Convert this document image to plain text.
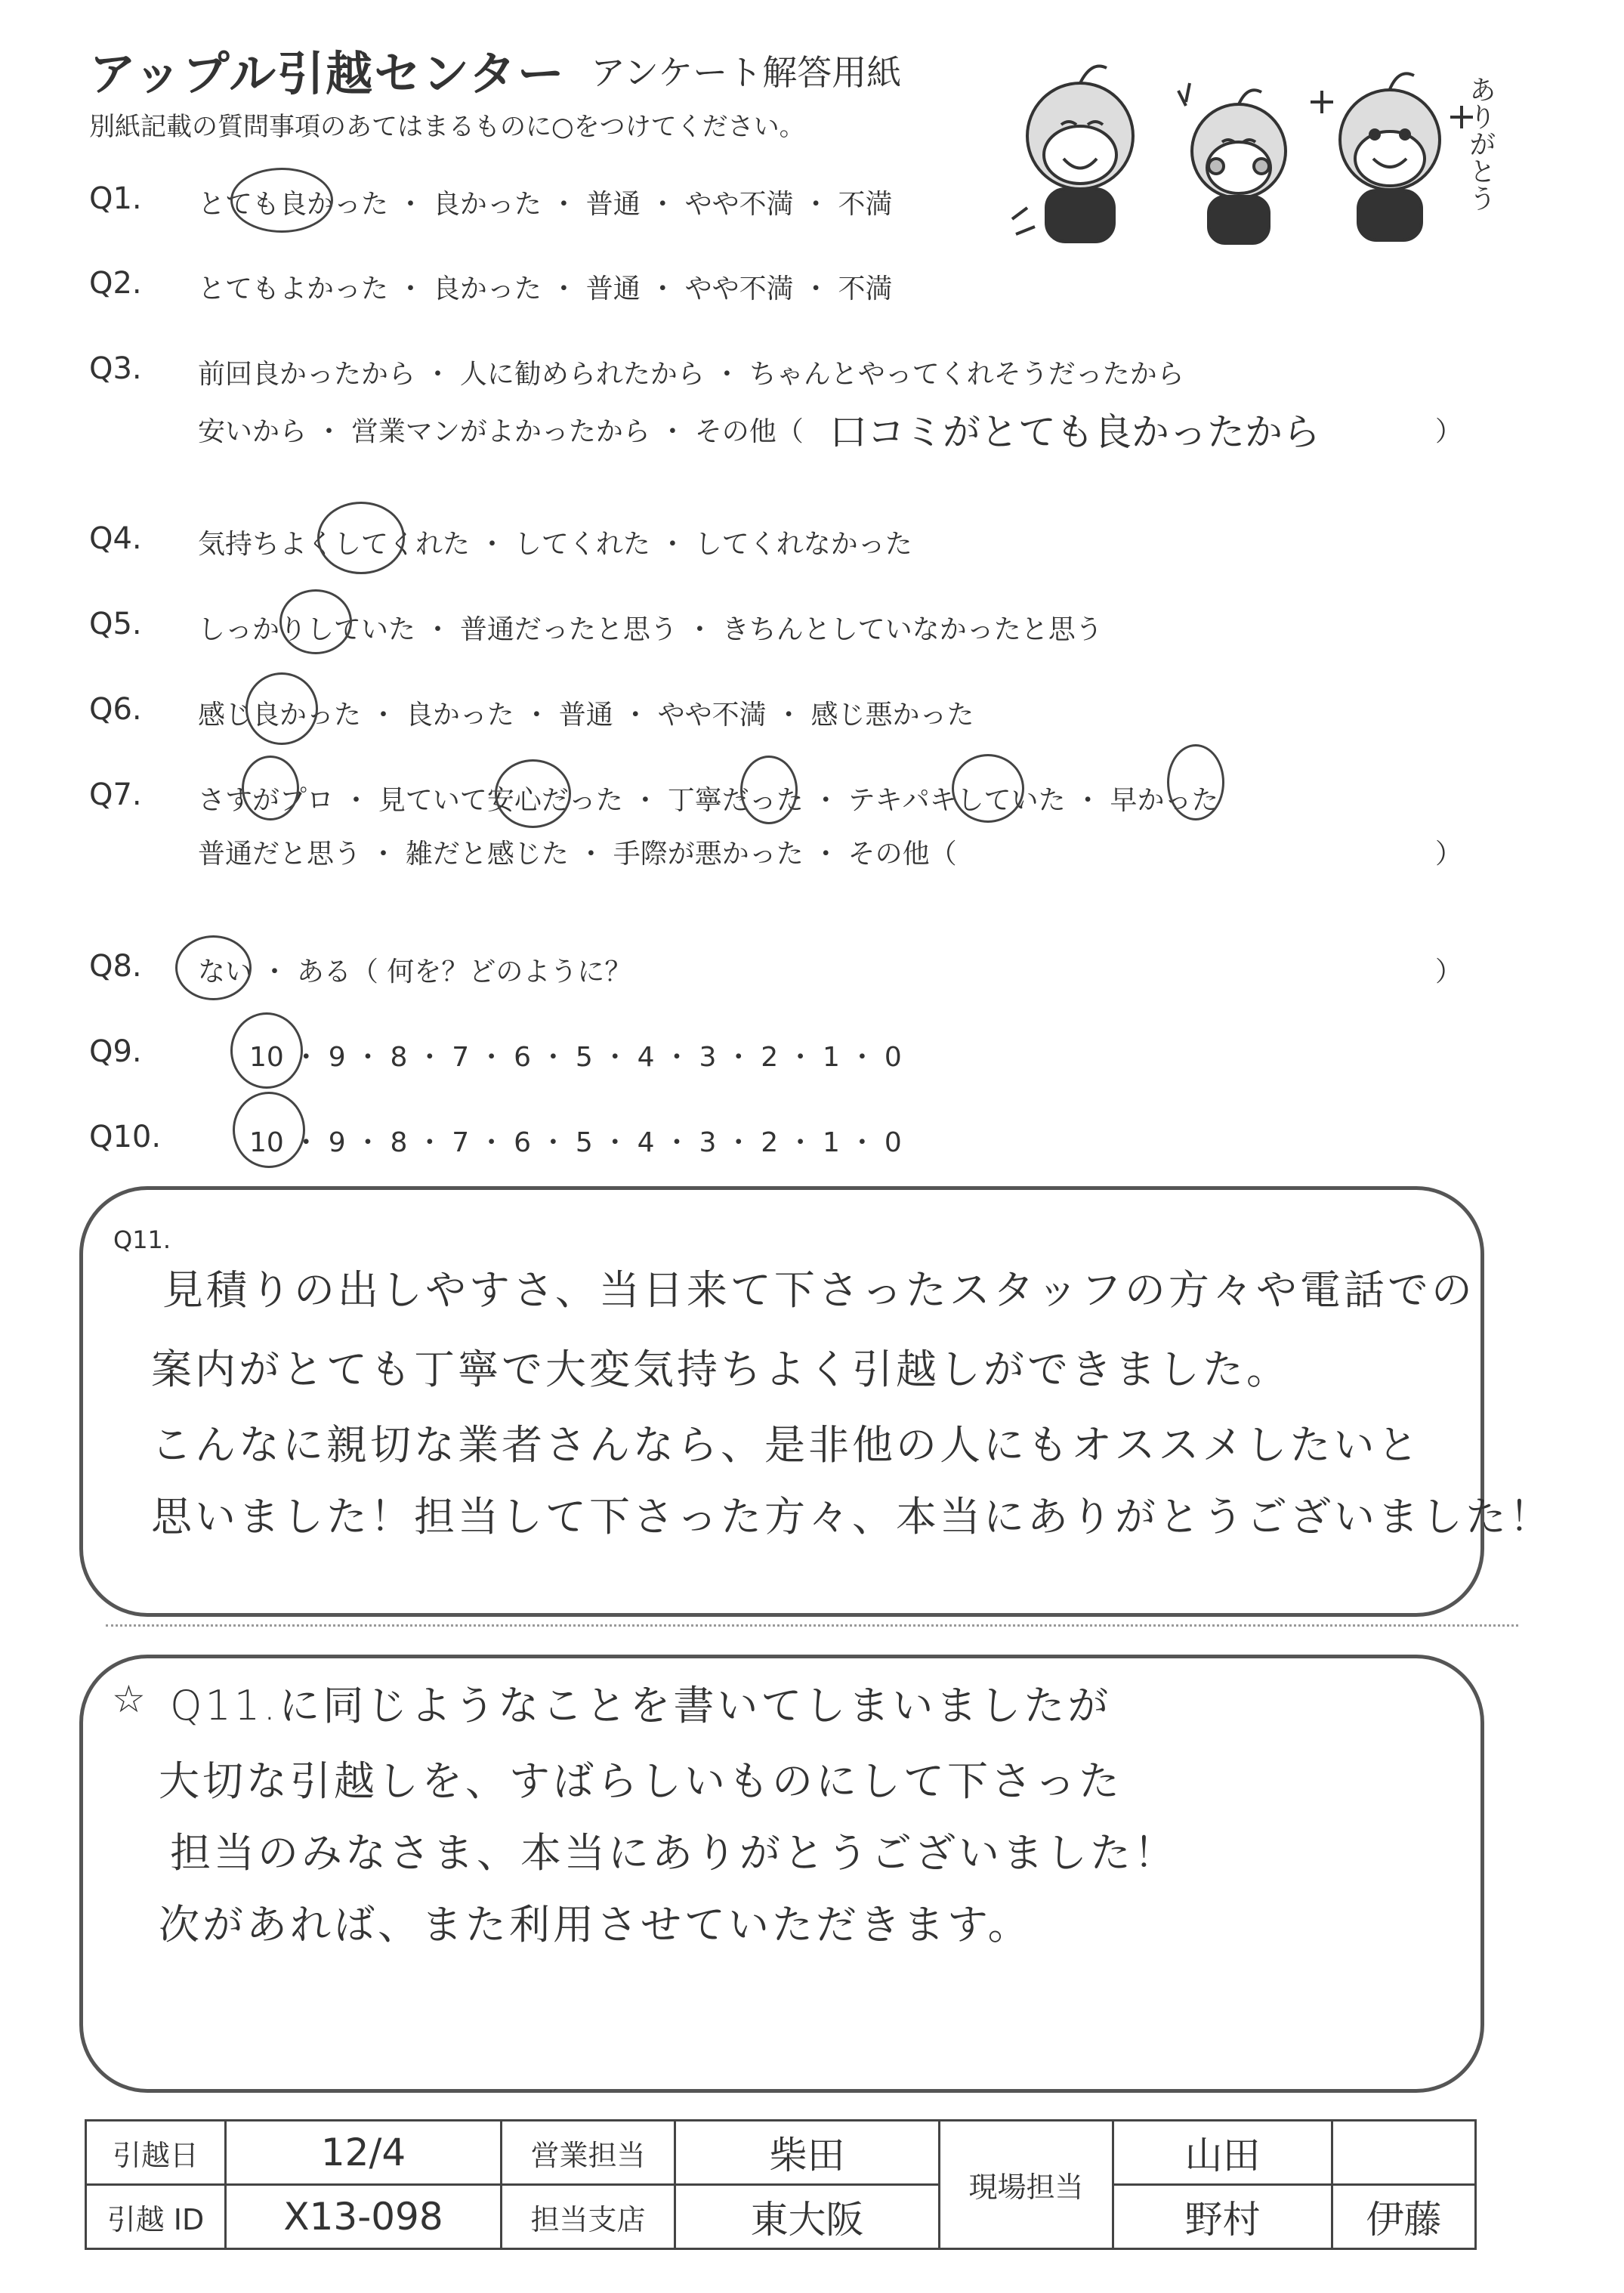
アップル引越センター アンケート解答用紙
別紙記載の質問事項のあてはまるものに○をつけてください。	ありがとう
Q1. とても良かった ・ 良かった ・ 普通 ・ やや不満 ・ 不満
Q2. とてもよかった ・ 良かった ・ 普通 ・ やや不満 ・ 不満
Q3. 前回良かったから ・ 人に勧められたから ・ ちゃんとやってくれそうだったから
安いから ・ 営業マンがよかったから ・ その他（ 口コミがとても良かったから	）
Q4. 気持ちよくしてくれた ・ してくれた ・ してくれなかった
Q5. しっかりしていた ・ 普通だったと思う ・ きちんとしていなかったと思う
Q6. 感じ良かった ・ 良かった ・ 普通 ・ やや不満 ・ 感じ悪かった
Q7. さすがプロ ・ 見ていて安心だった ・ 丁寧だった ・ テキパキしていた ・ 早かった
普通だと思う ・ 雑だと感じた ・ 手際が悪かった ・ その他（	）
Q8. ない ・ ある（ 何を？どのように？	）
Q9.	10 ・ 9 ・ 8 ・ 7 ・ 6 ・ 5 ・ 4 ・ 3 ・ 2 ・ 1 ・ 0
Q10.	10 ・ 9 ・ 8 ・ 7 ・ 6 ・ 5 ・ 4 ・ 3 ・ 2 ・ 1 ・ 0
Q11.
見積りの出しやすさ、当日来て下さったスタッフの方々や電話での
案内がとても丁寧で大変気持ちよく引越しができました。
こんなに親切な業者さんなら、是非他の人にもオススメしたいと
思いました！担当して下さった方々、本当にありがとうございました！
☆ Q11.に同じようなことを書いてしまいましたが
大切な引越しを、すばらしいものにして下さった
担当のみなさま、本当にありがとうございました！
次があれば、また利用させていただきます。
引越日	12/4	営業担当	柴田	現場担当	山田	
引越 ID	X13-098	担当支店	東大阪		野村	伊藤
